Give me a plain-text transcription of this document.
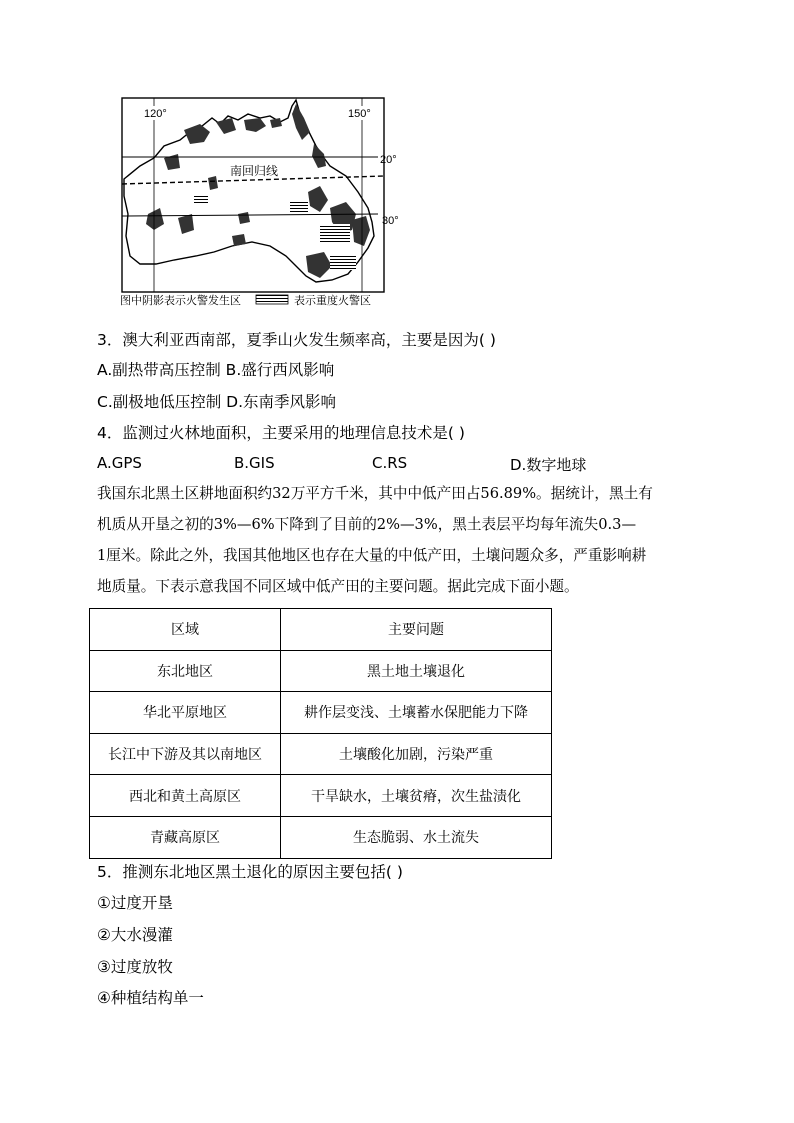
120°	150°
20°
30°
南回归线
图中阴影表示火警发生区	表示重度火警区
3．澳大利亚西南部，夏季山火发生频率高，主要是因为( )
A.副热带高压控制 B.盛行西风影响
C.副极地低压控制 D.东南季风影响
4．监测过火林地面积，主要采用的地理信息技术是( )
A.GPS	B.GIS	C.RS	D.数字地球
我国东北黑土区耕地面积约32万平方千米，其中中低产田占56.89%。据统计，黑土有
机质从开垦之初的3%—6%下降到了目前的2%—3%，黑土表层平均每年流失0.3—
1厘米。除此之外，我国其他地区也存在大量的中低产田，土壤问题众多，严重影响耕
地质量。下表示意我国不同区域中低产田的主要问题。据此完成下面小题。
区域	主要问题
东北地区	黑土地土壤退化
华北平原地区	耕作层变浅、土壤蓄水保肥能力下降
长江中下游及其以南地区	土壤酸化加剧，污染严重
西北和黄土高原区	干旱缺水，土壤贫瘠，次生盐渍化
青藏高原区	生态脆弱、水土流失
5．推测东北地区黑土退化的原因主要包括( )
①过度开垦
②大水漫灌
③过度放牧
④种植结构单一
